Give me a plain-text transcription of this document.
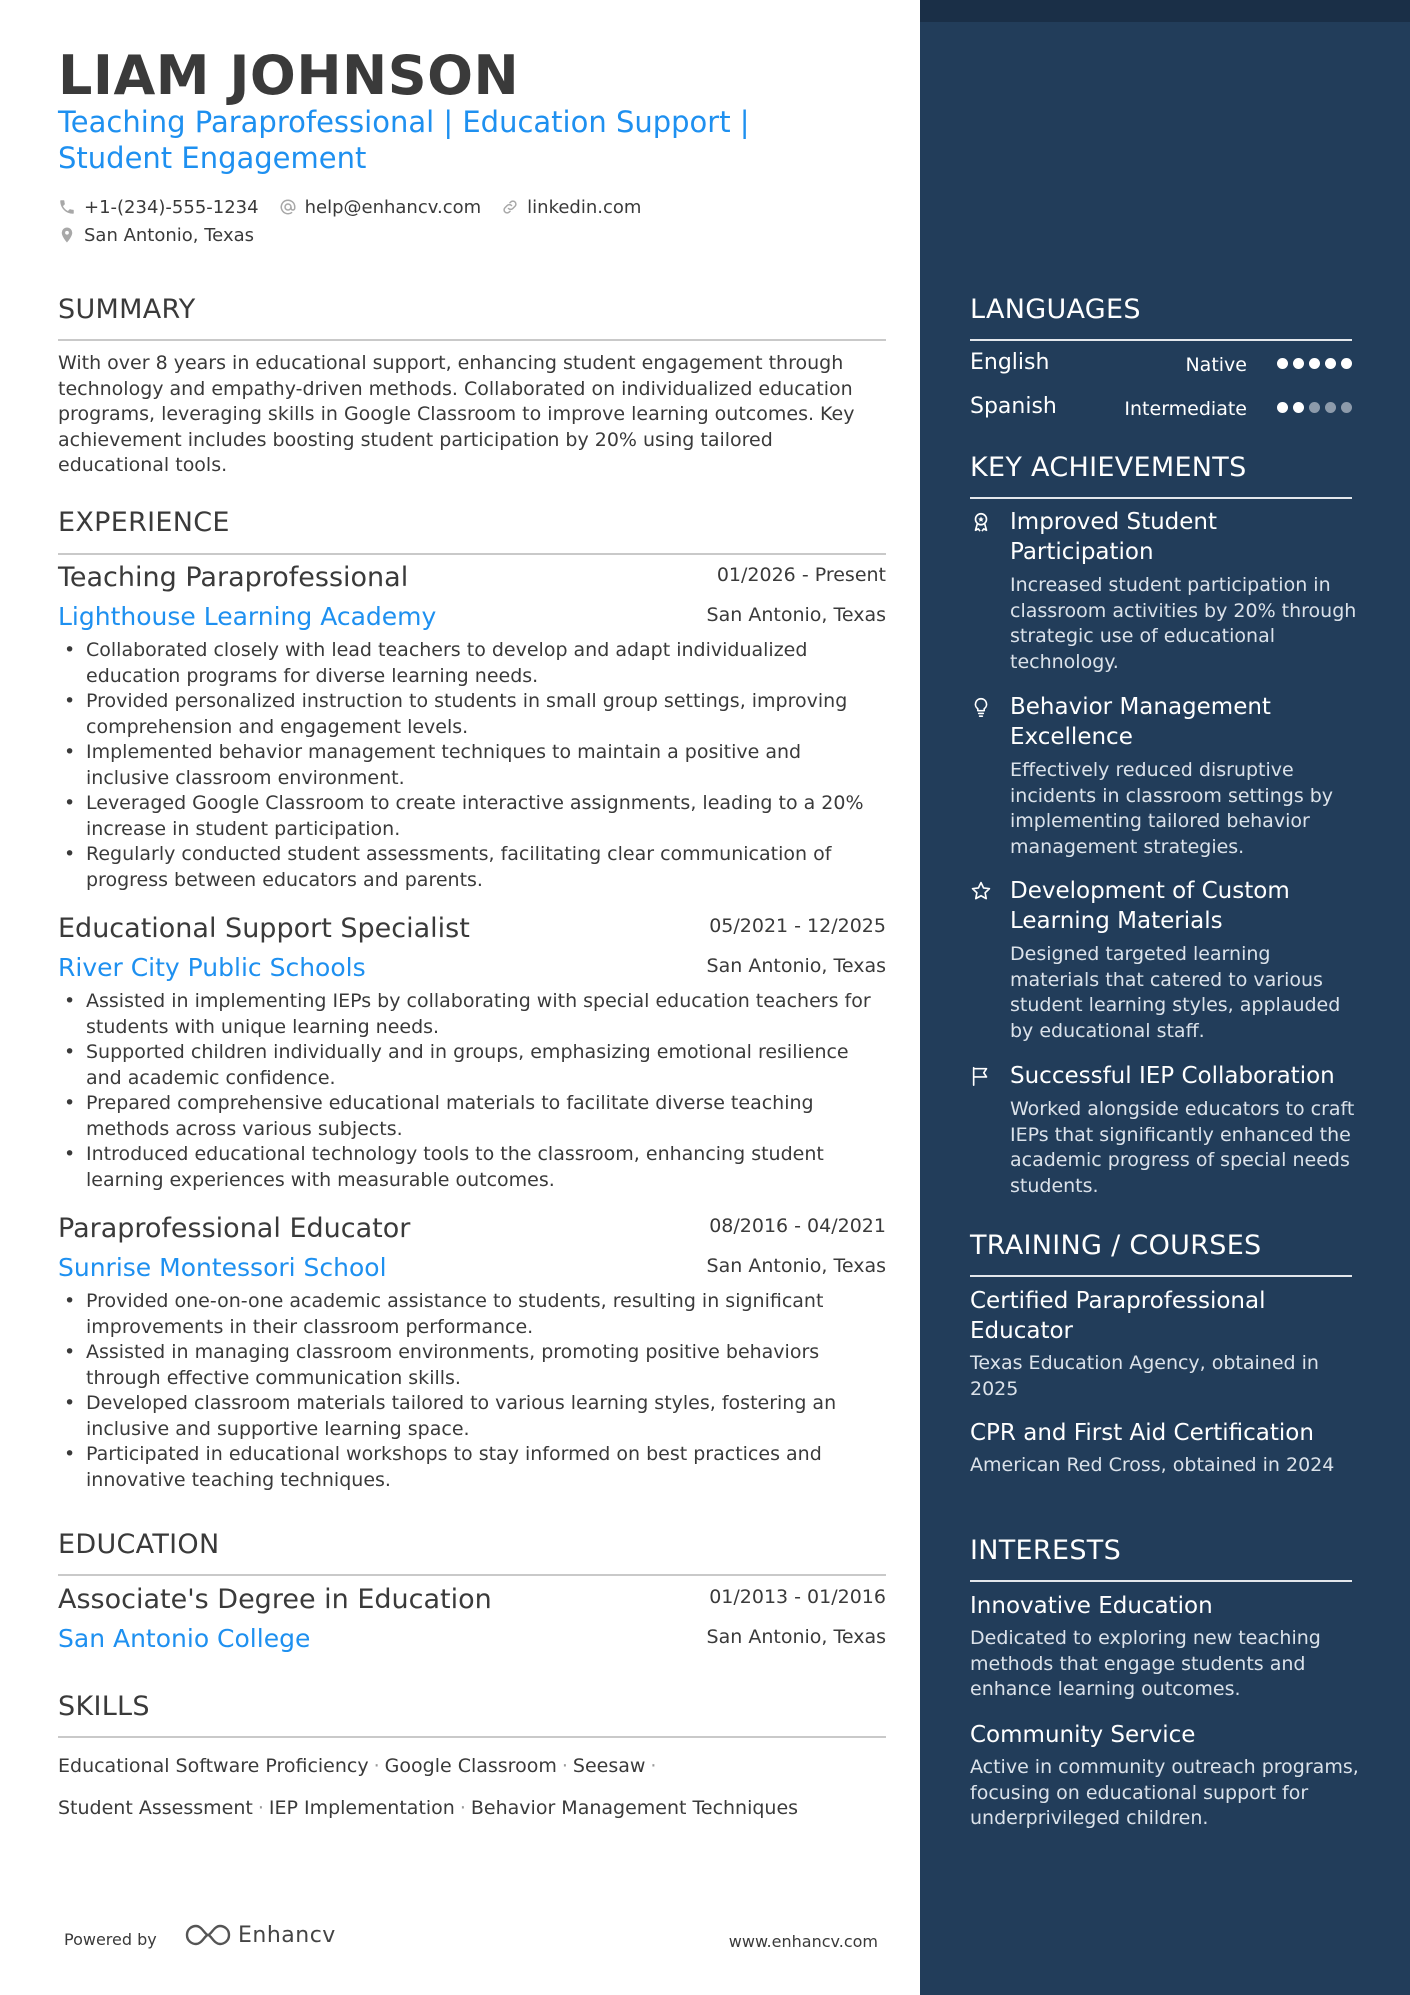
LIAM JOHNSON
Teaching Paraprofessional | Education Support | Student Engagement
+1-(234)-555-1234	help@enhancv.com	linkedin.com
San Antonio, Texas
SUMMARY
With over 8 years in educational support, enhancing student engagement through technology and empathy-driven methods. Collaborated on individualized education programs, leveraging skills in Google Classroom to improve learning outcomes. Key achievement includes boosting student participation by 20% using tailored educational tools.
EXPERIENCE
Teaching Paraprofessional	01/2026 - Present
Lighthouse Learning Academy	San Antonio, Texas
• Collaborated closely with lead teachers to develop and adapt individualized education programs for diverse learning needs.
• Provided personalized instruction to students in small group settings, improving comprehension and engagement levels.
• Implemented behavior management techniques to maintain a positive and inclusive classroom environment.
• Leveraged Google Classroom to create interactive assignments, leading to a 20% increase in student participation.
• Regularly conducted student assessments, facilitating clear communication of progress between educators and parents.
Educational Support Specialist	05/2021 - 12/2025
River City Public Schools	San Antonio, Texas
• Assisted in implementing IEPs by collaborating with special education teachers for students with unique learning needs.
• Supported children individually and in groups, emphasizing emotional resilience and academic confidence.
• Prepared comprehensive educational materials to facilitate diverse teaching methods across various subjects.
• Introduced educational technology tools to the classroom, enhancing student learning experiences with measurable outcomes.
Paraprofessional Educator	08/2016 - 04/2021
Sunrise Montessori School	San Antonio, Texas
• Provided one-on-one academic assistance to students, resulting in significant improvements in their classroom performance.
• Assisted in managing classroom environments, promoting positive behaviors through effective communication skills.
• Developed classroom materials tailored to various learning styles, fostering an inclusive and supportive learning space.
• Participated in educational workshops to stay informed on best practices and innovative teaching techniques.
EDUCATION
Associate's Degree in Education	01/2013 - 01/2016
San Antonio College	San Antonio, Texas
SKILLS
Educational Software Proficiency · Google Classroom · Seesaw ·
Student Assessment · IEP Implementation · Behavior Management Techniques
Powered by	Enhancv	www.enhancv.com
LANGUAGES
English	Native
Spanish	Intermediate
KEY ACHIEVEMENTS
Improved Student Participation
Increased student participation in classroom activities by 20% through strategic use of educational technology.
Behavior Management Excellence
Effectively reduced disruptive incidents in classroom settings by implementing tailored behavior management strategies.
Development of Custom Learning Materials
Designed targeted learning materials that catered to various student learning styles, applauded by educational staff.
Successful IEP Collaboration
Worked alongside educators to craft IEPs that significantly enhanced the academic progress of special needs students.
TRAINING / COURSES
Certified Paraprofessional Educator
Texas Education Agency, obtained in 2025
CPR and First Aid Certification
American Red Cross, obtained in 2024
INTERESTS
Innovative Education
Dedicated to exploring new teaching methods that engage students and enhance learning outcomes.
Community Service
Active in community outreach programs, focusing on educational support for underprivileged children.
